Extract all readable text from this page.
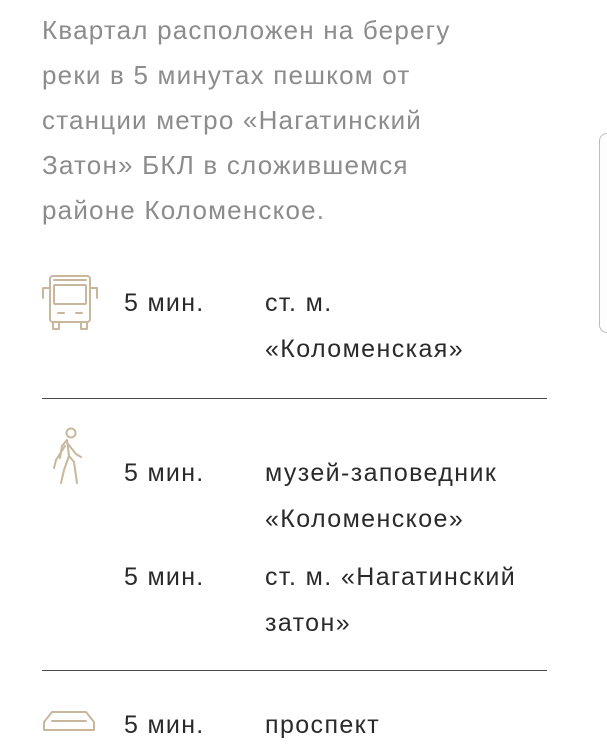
Квартал расположен на берегу
реки в 5 минутах пешком от
станции метро «Нагатинский
Затон» БКЛ в сложившемся
районе Коломенское.
5 мин. ст. м.
«Коломенская»
5 мин. музей-заповедник
«Коломенское»
5 мин. ст. м. «Нагатинский
затон»
5 мин. проспект
